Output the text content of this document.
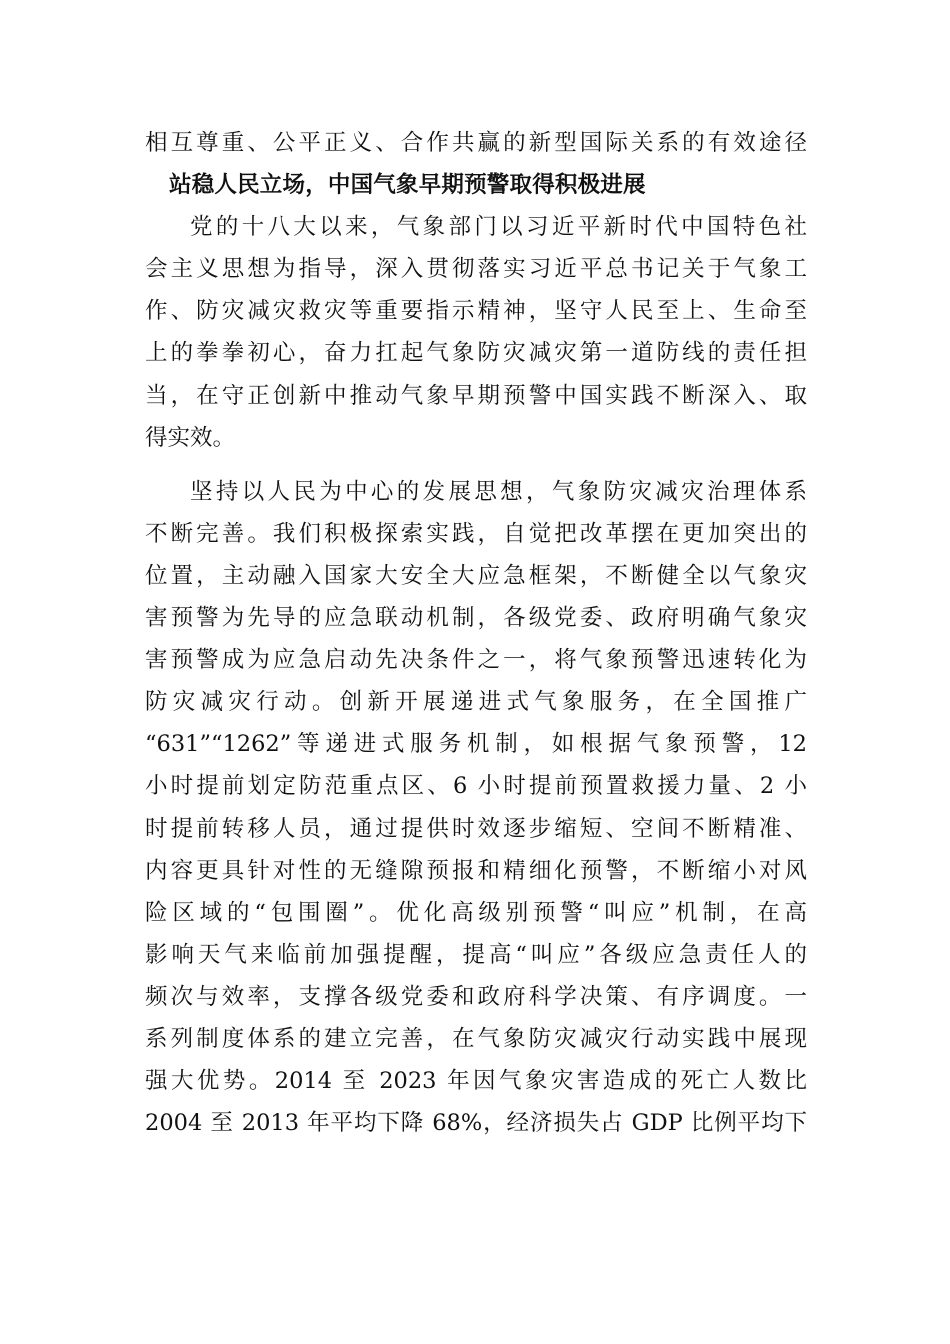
相互尊重、公平正义、合作共赢的新型国际关系的有效途径
站稳人民立场，中国气象早期预警取得积极进展
党的十八大以来，气象部门以习近平新时代中国特色社
会主义思想为指导，深入贯彻落实习近平总书记关于气象工
作、防灾减灾救灾等重要指示精神，坚守人民至上、生命至
上的拳拳初心，奋力扛起气象防灾减灾第一道防线的责任担
当，在守正创新中推动气象早期预警中国实践不断深入、取
得实效。
坚持以人民为中心的发展思想，气象防灾减灾治理体系
不断完善。我们积极探索实践，自觉把改革摆在更加突出的
位置，主动融入国家大安全大应急框架，不断健全以气象灾
害预警为先导的应急联动机制，各级党委、政府明确气象灾
害预警成为应急启动先决条件之一，将气象预警迅速转化为
防灾减灾行动。创新开展递进式气象服务，在全国推广
“631”“1262”等递进式服务机制，如根据气象预警，12
小时提前划定防范重点区、6 小时提前预置救援力量、2 小
时提前转移人员，通过提供时效逐步缩短、空间不断精准、
内容更具针对性的无缝隙预报和精细化预警，不断缩小对风
险区域的“包围圈”。优化高级别预警“叫应”机制，在高
影响天气来临前加强提醒，提高“叫应”各级应急责任人的
频次与效率，支撑各级党委和政府科学决策、有序调度。一
系列制度体系的建立完善，在气象防灾减灾行动实践中展现
强大优势。2014 至 2023 年因气象灾害造成的死亡人数比
2004 至 2013 年平均下降 68%，经济损失占 GDP 比例平均下
